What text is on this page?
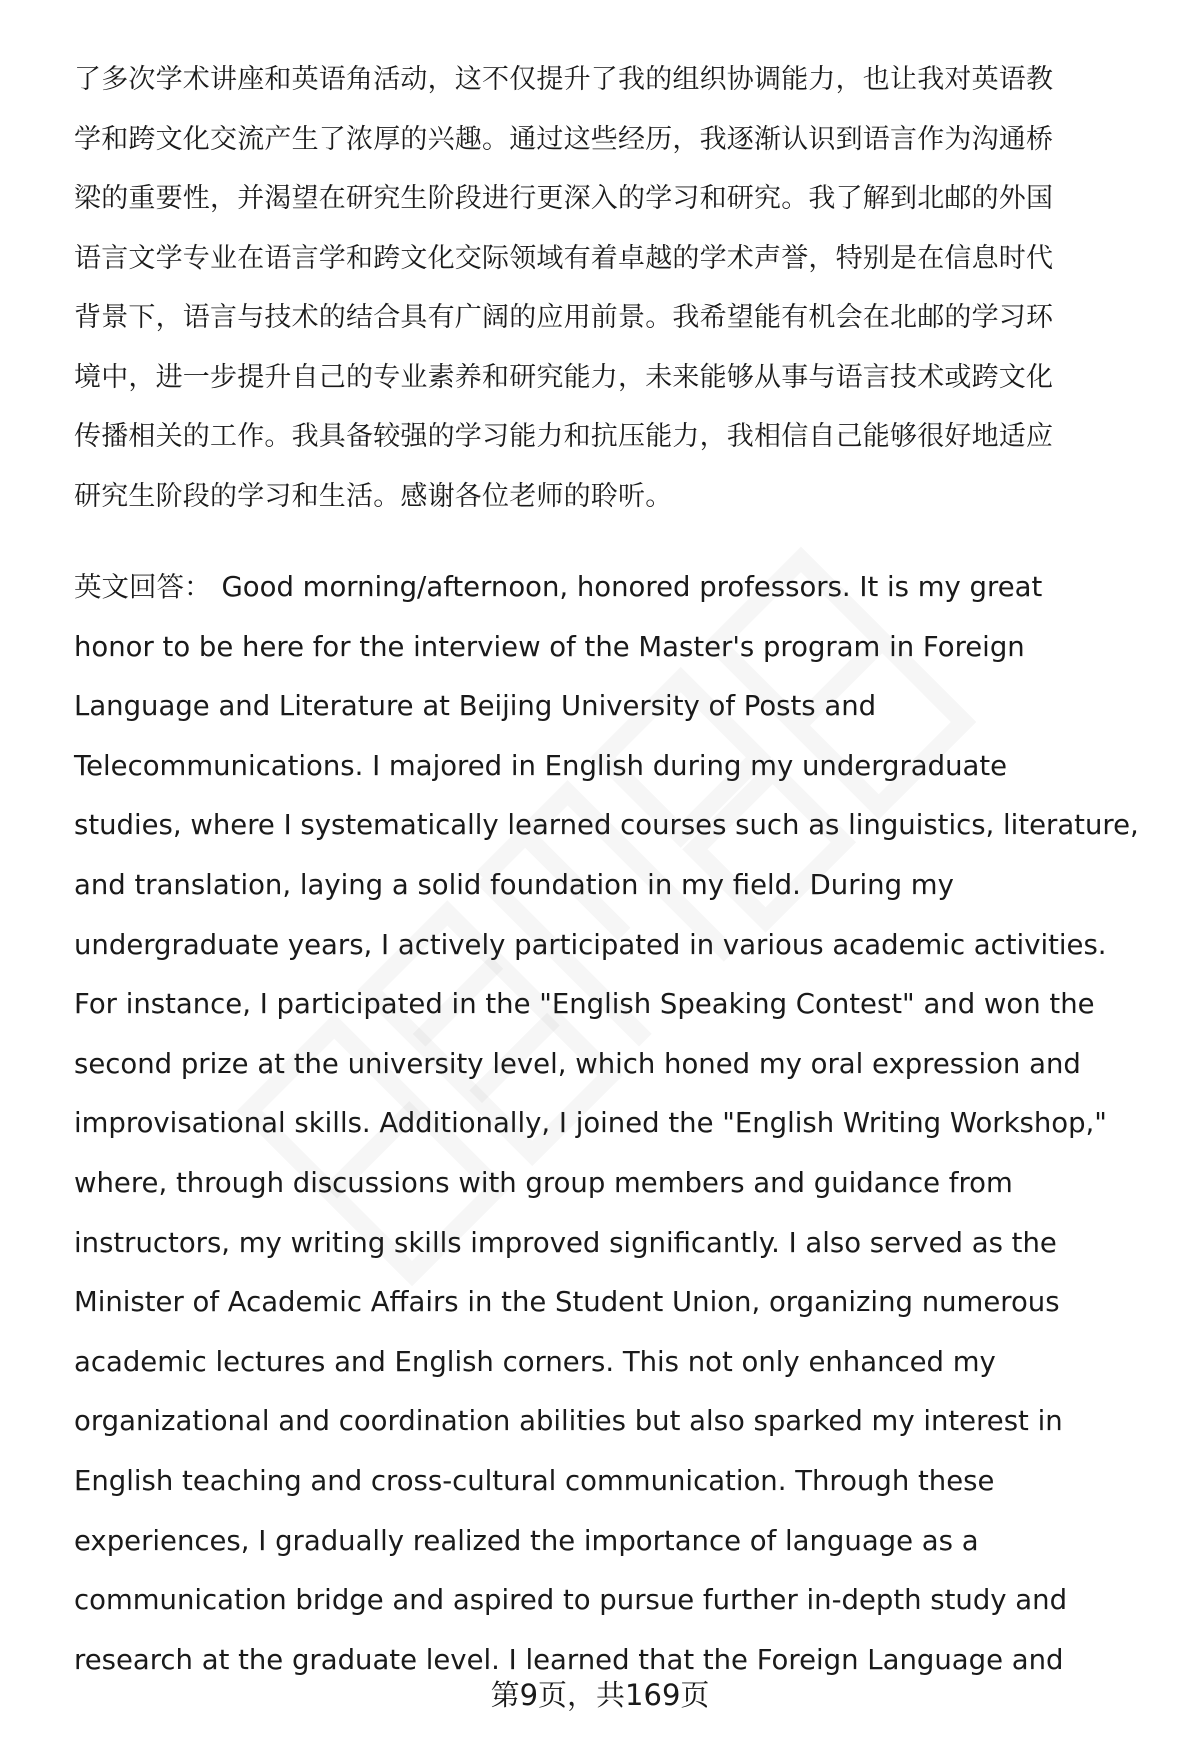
了多次学术讲座和英语角活动，这不仅提升了我的组织协调能力，也让我对英语教
学和跨文化交流产生了浓厚的兴趣。通过这些经历，我逐渐认识到语言作为沟通桥
梁的重要性，并渴望在研究生阶段进行更深入的学习和研究。我了解到北邮的外国
语言文学专业在语言学和跨文化交际领域有着卓越的学术声誉，特别是在信息时代
背景下，语言与技术的结合具有广阔的应用前景。我希望能有机会在北邮的学习环
境中，进一步提升自己的专业素养和研究能力，未来能够从事与语言技术或跨文化
传播相关的工作。我具备较强的学习能力和抗压能力，我相信自己能够很好地适应
研究生阶段的学习和生活。感谢各位老师的聆听。
英文回答： Good morning/afternoon, honored professors. It is my great
honor to be here for the interview of the Master's program in Foreign
Language and Literature at Beijing University of Posts and
Telecommunications. I majored in English during my undergraduate
studies, where I systematically learned courses such as linguistics, literature,
and translation, laying a solid foundation in my field. During my
undergraduate years, I actively participated in various academic activities.
For instance, I participated in the "English Speaking Contest" and won the
second prize at the university level, which honed my oral expression and
improvisational skills. Additionally, I joined the "English Writing Workshop,"
where, through discussions with group members and guidance from
instructors, my writing skills improved significantly. I also served as the
Minister of Academic Affairs in the Student Union, organizing numerous
academic lectures and English corners. This not only enhanced my
organizational and coordination abilities but also sparked my interest in
English teaching and cross-cultural communication. Through these
experiences, I gradually realized the importance of language as a
communication bridge and aspired to pursue further in-depth study and
research at the graduate level. I learned that the Foreign Language and
第9页，共169页
